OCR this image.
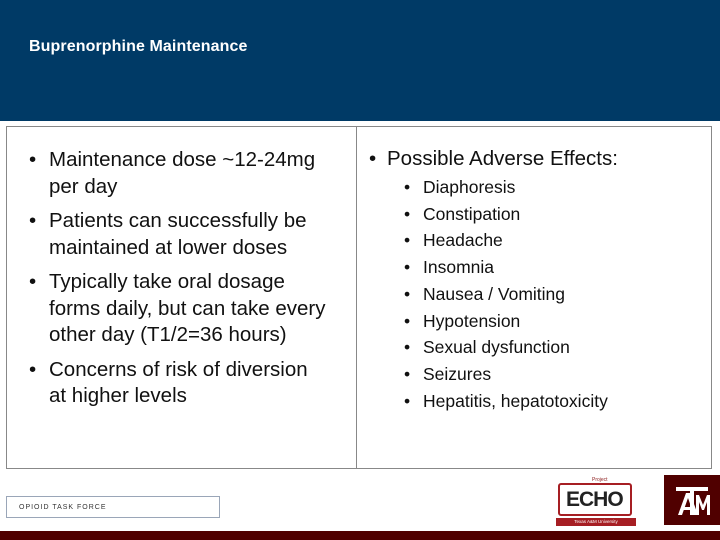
Buprenorphine Maintenance
• Maintenance dose ~12-24mg per day
• Patients can successfully be maintained at lower doses
• Typically take oral dosage forms daily, but can take every other day (T1/2=36 hours)
• Concerns of risk of diversion at higher levels
• Possible Adverse Effects:
• Diaphoresis
• Constipation
• Headache
• Insomnia
• Nausea / Vomiting
• Hypotension
• Sexual dysfunction
• Seizures
• Hepatitis, hepatotoxicity
OPIOID TASK FORCE
Project
ECHO
Texas A&M University
